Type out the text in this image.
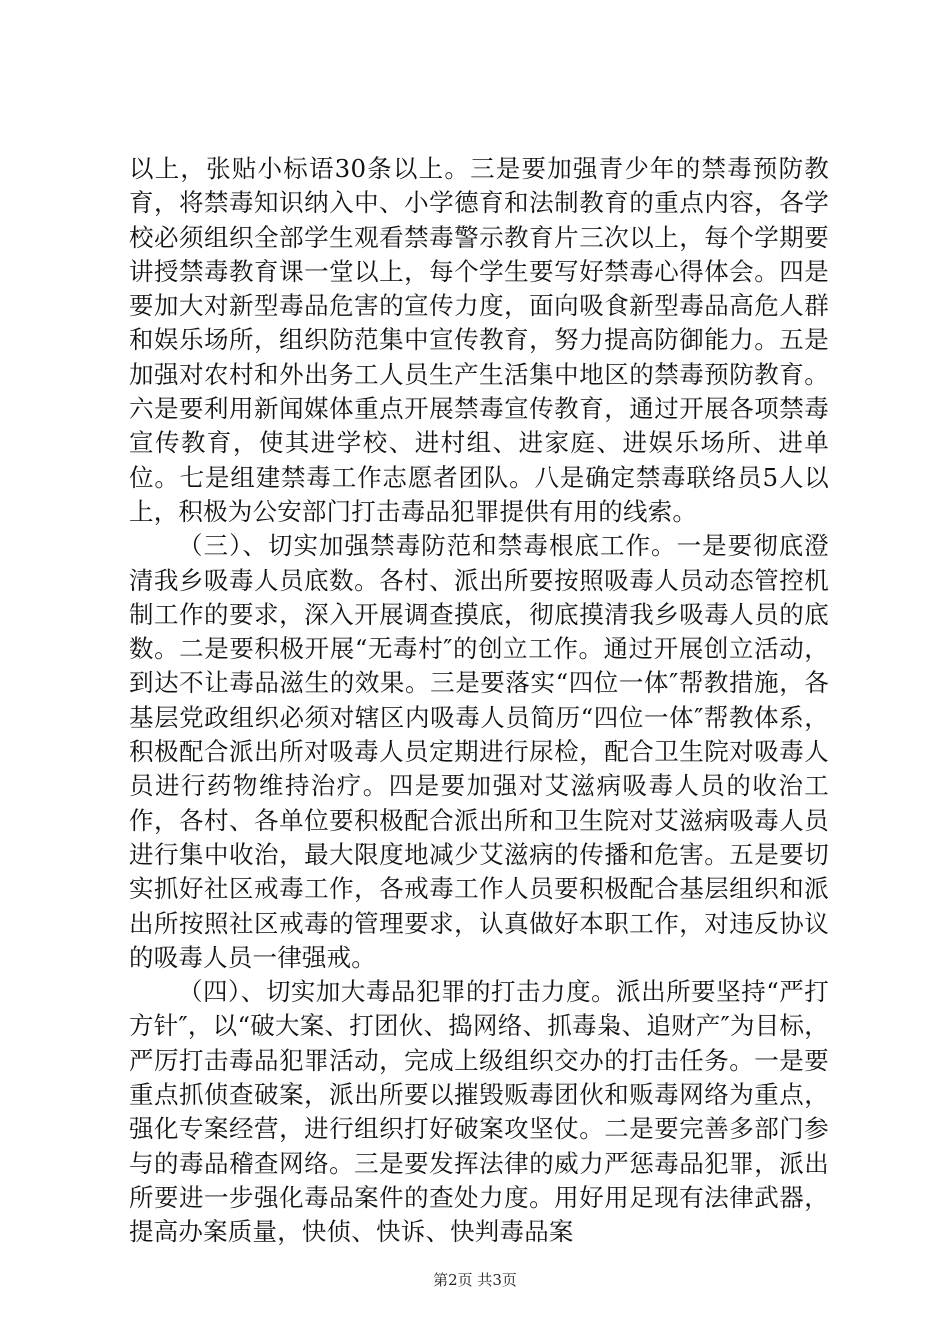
以上，张贴小标语30条以上。三是要加强青少年的禁毒预防教育，将禁毒知识纳入中、小学德育和法制教育的重点内容，各学校必须组织全部学生观看禁毒警示教育片三次以上，每个学期要讲授禁毒教育课一堂以上，每个学生要写好禁毒心得体会。四是要加大对新型毒品危害的宣传力度，面向吸食新型毒品高危人群和娱乐场所，组织防范集中宣传教育，努力提高防御能力。五是加强对农村和外出务工人员生产生活集中地区的禁毒预防教育。六是要利用新闻媒体重点开展禁毒宣传教育，通过开展各项禁毒宣传教育，使其进学校、进村组、进家庭、进娱乐场所、进单位。七是组建禁毒工作志愿者团队。八是确定禁毒联络员5人以上，积极为公安部门打击毒品犯罪提供有用的线索。

（三）、切实加强禁毒防范和禁毒根底工作。一是要彻底澄清我乡吸毒人员底数。各村、派出所要按照吸毒人员动态管控机制工作的要求，深入开展调查摸底，彻底摸清我乡吸毒人员的底数。二是要积极开展“无毒村″的创立工作。通过开展创立活动，到达不让毒品滋生的效果。三是要落实“四位一体″帮教措施，各基层党政组织必须对辖区内吸毒人员简历“四位一体″帮教体系，积极配合派出所对吸毒人员定期进行尿检，配合卫生院对吸毒人员进行药物维持治疗。四是要加强对艾滋病吸毒人员的收治工作，各村、各单位要积极配合派出所和卫生院对艾滋病吸毒人员进行集中收治，最大限度地减少艾滋病的传播和危害。五是要切实抓好社区戒毒工作，各戒毒工作人员要积极配合基层组织和派出所按照社区戒毒的管理要求，认真做好本职工作，对违反协议的吸毒人员一律强戒。

（四）、切实加大毒品犯罪的打击力度。派出所要坚持“严打方针″，以“破大案、打团伙、捣网络、抓毒枭、追财产″为目标，严厉打击毒品犯罪活动，完成上级组织交办的打击任务。一是要重点抓侦查破案，派出所要以摧毁贩毒团伙和贩毒网络为重点，强化专案经营，进行组织打好破案攻坚仗。二是要完善多部门参与的毒品稽查网络。三是要发挥法律的威力严惩毒品犯罪，派出所要进一步强化毒品案件的查处力度。用好用足现有法律武器，提高办案质量，快侦、快诉、快判毒品案

第2页 共3页
